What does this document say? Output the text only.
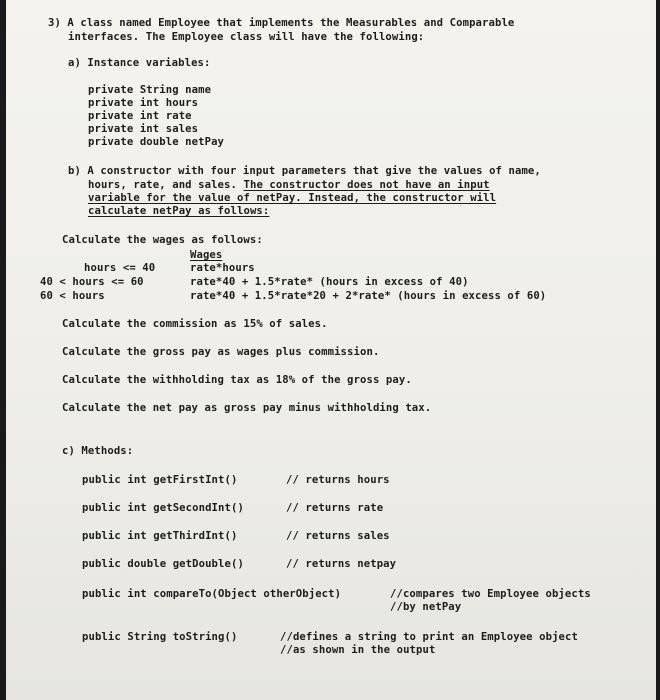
3) A class named Employee that implements the Measurables and Comparable
interfaces. The Employee class will have the following:
a) Instance variables:
private String name
private int hours
private int rate
private int sales
private double netPay
b) A constructor with four input parameters that give the values of name,
hours, rate, and sales. The constructor does not have an input
variable for the value of netPay. Instead, the constructor will
calculate netPay as follows:
Calculate the wages as follows:
Wages
hours <= 40	rate*hours
40 < hours <= 60	rate*40 + 1.5*rate* (hours in excess of 40)
60 < hours	rate*40 + 1.5*rate*20 + 2*rate* (hours in excess of 60)
Calculate the commission as 15% of sales.
Calculate the gross pay as wages plus commission.
Calculate the withholding tax as 18% of the gross pay.
Calculate the net pay as gross pay minus withholding tax.
c) Methods:
public int getFirstInt()	// returns hours
public int getSecondInt()	// returns rate
public int getThirdInt()	// returns sales
public double getDouble()	// returns netpay
public int compareTo(Object otherObject)	//compares two Employee objects
//by netPay
public String toString()	//defines a string to print an Employee object
//as shown in the output
